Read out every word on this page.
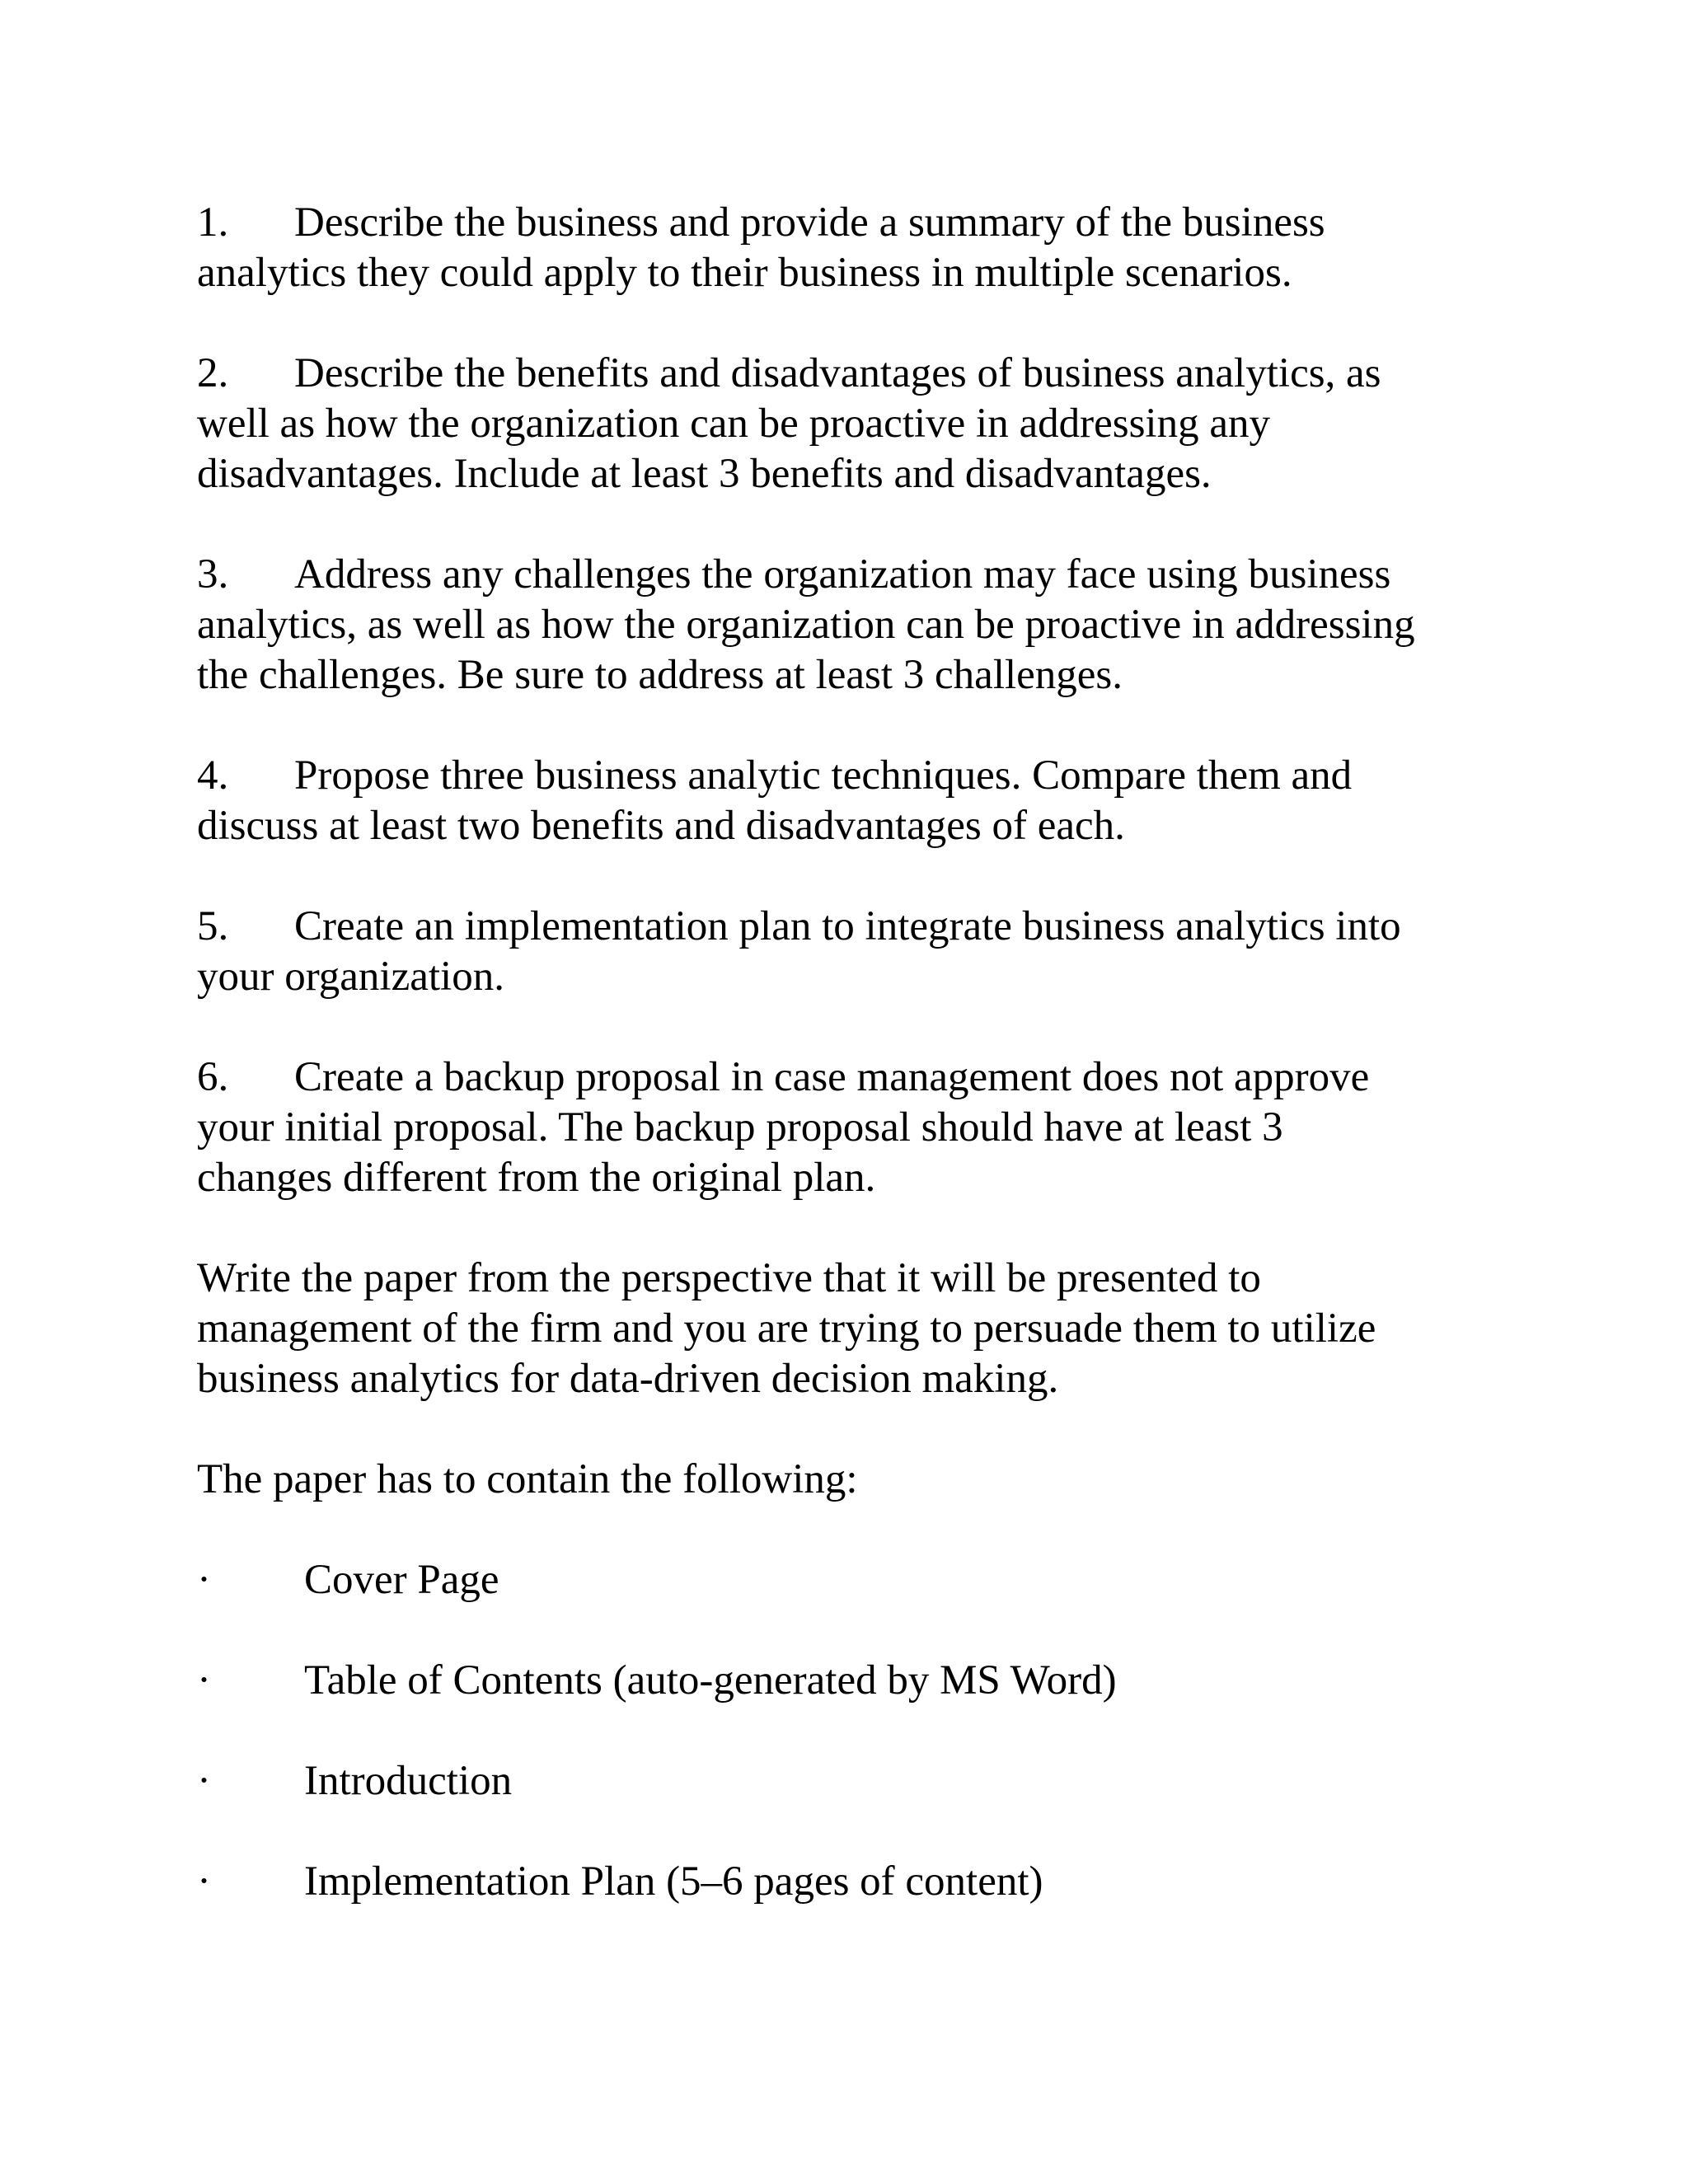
1. Describe the business and provide a summary of the business
analytics they could apply to their business in multiple scenarios.

2. Describe the benefits and disadvantages of business analytics, as
well as how the organization can be proactive in addressing any
disadvantages. Include at least 3 benefits and disadvantages.

3. Address any challenges the organization may face using business
analytics, as well as how the organization can be proactive in addressing
the challenges. Be sure to address at least 3 challenges.

4. Propose three business analytic techniques. Compare them and
discuss at least two benefits and disadvantages of each.

5. Create an implementation plan to integrate business analytics into
your organization.

6. Create a backup proposal in case management does not approve
your initial proposal. The backup proposal should have at least 3
changes different from the original plan.

Write the paper from the perspective that it will be presented to
management of the firm and you are trying to persuade them to utilize
business analytics for data-driven decision making.

The paper has to contain the following:

· Cover Page
· Table of Contents (auto-generated by MS Word)
· Introduction
· Implementation Plan (5–6 pages of content)
